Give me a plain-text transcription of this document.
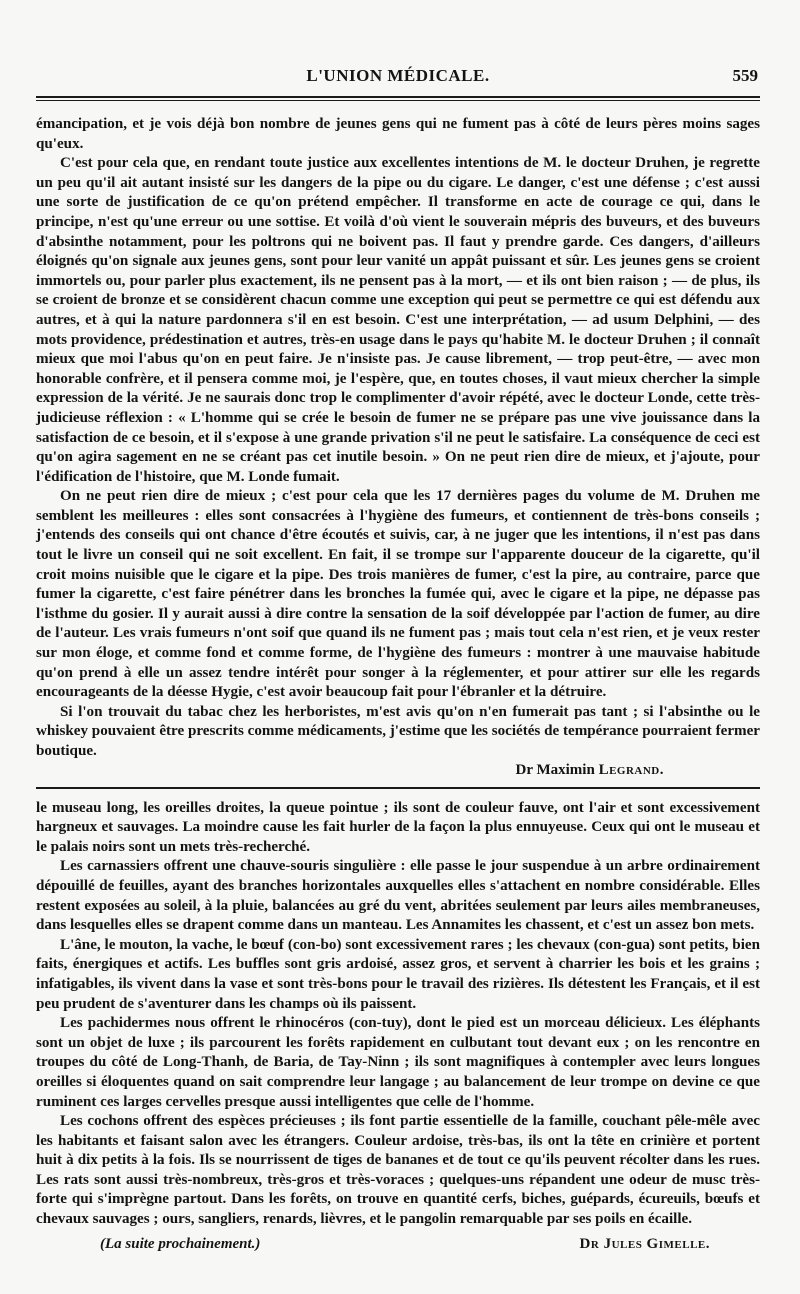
L'UNION MÉDICALE.	559

émancipation, et je vois déjà bon nombre de jeunes gens qui ne fument pas à côté de leurs pères moins sages qu'eux.

C'est pour cela que, en rendant toute justice aux excellentes intentions de M. le docteur Druhen, je regrette un peu qu'il ait autant insisté sur les dangers de la pipe ou du cigare. Le danger, c'est une défense ; c'est aussi une sorte de justification de ce qu'on prétend empêcher. Il transforme en acte de courage ce qui, dans le principe, n'est qu'une erreur ou une sottise. Et voilà d'où vient le souverain mépris des buveurs, et des buveurs d'absinthe notamment, pour les poltrons qui ne boivent pas. Il faut y prendre garde. Ces dangers, d'ailleurs éloignés qu'on signale aux jeunes gens, sont pour leur vanité un appât puissant et sûr. Les jeunes gens se croient immortels ou, pour parler plus exactement, ils ne pensent pas à la mort, — et ils ont bien raison ; — de plus, ils se croient de bronze et se considèrent chacun comme une exception qui peut se permettre ce qui est défendu aux autres, et à qui la nature pardonnera s'il en est besoin. C'est une interprétation, — ad usum Delphini, — des mots providence, prédestination et autres, très-en usage dans le pays qu'habite M. le docteur Druhen ; il connaît mieux que moi l'abus qu'on en peut faire. Je n'insiste pas. Je cause librement, — trop peut-être, — avec mon honorable confrère, et il pensera comme moi, je l'espère, que, en toutes choses, il vaut mieux chercher la simple expression de la vérité. Je ne saurais donc trop le complimenter d'avoir répété, avec le docteur Londe, cette très-judicieuse réflexion : « L'homme qui se crée le besoin de fumer ne se prépare pas une vive jouissance dans la satisfaction de ce besoin, et il s'expose à une grande privation s'il ne peut le satisfaire. La conséquence de ceci est qu'on agira sagement en ne se créant pas cet inutile besoin. » On ne peut rien dire de mieux, et j'ajoute, pour l'édification de l'histoire, que M. Londe fumait.

On ne peut rien dire de mieux ; c'est pour cela que les 17 dernières pages du volume de M. Druhen me semblent les meilleures : elles sont consacrées à l'hygiène des fumeurs, et contiennent de très-bons conseils ; j'entends des conseils qui ont chance d'être écoutés et suivis, car, à ne juger que les intentions, il n'est pas dans tout le livre un conseil qui ne soit excellent. En fait, il se trompe sur l'apparente douceur de la cigarette, qu'il croit moins nuisible que le cigare et la pipe. Des trois manières de fumer, c'est la pire, au contraire, parce que fumer la cigarette, c'est faire pénétrer dans les bronches la fumée qui, avec le cigare et la pipe, ne dépasse pas l'isthme du gosier. Il y aurait aussi à dire contre la sensation de la soif développée par l'action de fumer, au dire de l'auteur. Les vrais fumeurs n'ont soif que quand ils ne fument pas ; mais tout cela n'est rien, et je veux rester sur mon éloge, et comme fond et comme forme, de l'hygiène des fumeurs : montrer à une mauvaise habitude qu'on prend à elle un assez tendre intérêt pour songer à la réglementer, et pour attirer sur elle les regards encourageants de la déesse Hygie, c'est avoir beaucoup fait pour l'ébranler et la détruire.

Si l'on trouvait du tabac chez les herboristes, m'est avis qu'on n'en fumerait pas tant ; si l'absinthe ou le whiskey pouvaient être prescrits comme médicaments, j'estime que les sociétés de tempérance pourraient fermer boutique.

Dr Maximin Legrand.

le museau long, les oreilles droites, la queue pointue ; ils sont de couleur fauve, ont l'air et sont excessivement hargneux et sauvages. La moindre cause les fait hurler de la façon la plus ennuyeuse. Ceux qui ont le museau et le palais noirs sont un mets très-recherché.

Les carnassiers offrent une chauve-souris singulière : elle passe le jour suspendue à un arbre ordinairement dépouillé de feuilles, ayant des branches horizontales auxquelles elles s'attachent en nombre considérable. Elles restent exposées au soleil, à la pluie, balancées au gré du vent, abritées seulement par leurs ailes membraneuses, dans lesquelles elles se drapent comme dans un manteau. Les Annamites les chassent, et c'est un assez bon mets.

L'âne, le mouton, la vache, le bœuf (con-bo) sont excessivement rares ; les chevaux (con-gua) sont petits, bien faits, énergiques et actifs. Les buffles sont gris ardoisé, assez gros, et servent à charrier les bois et les grains ; infatigables, ils vivent dans la vase et sont très-bons pour le travail des rizières. Ils détestent les Français, et il est peu prudent de s'aventurer dans les champs où ils paissent.

Les pachidermes nous offrent le rhinocéros (con-tuy), dont le pied est un morceau délicieux. Les éléphants sont un objet de luxe ; ils parcourent les forêts rapidement en culbutant tout devant eux ; on les rencontre en troupes du côté de Long-Thanh, de Baria, de Tay-Ninn ; ils sont magnifiques à contempler avec leurs longues oreilles si éloquentes quand on sait comprendre leur langage ; au balancement de leur trompe on devine ce que ruminent ces larges cervelles presque aussi intelligentes que celle de l'homme.

Les cochons offrent des espèces précieuses ; ils font partie essentielle de la famille, couchant pêle-mêle avec les habitants et faisant salon avec les étrangers. Couleur ardoise, très-bas, ils ont la tête en crinière et portent huit à dix petits à la fois. Ils se nourrissent de tiges de bananes et de tout ce qu'ils peuvent récolter dans les rues. Les rats sont aussi très-nombreux, très-gros et très-voraces ; quelques-uns répandent une odeur de musc très-forte qui s'imprègne partout. Dans les forêts, on trouve en quantité cerfs, biches, guépards, écureuils, bœufs et chevaux sauvages ; ours, sangliers, renards, lièvres, et le pangolin remarquable par ses poils en écaille.

(La suite prochainement.)	Dr Jules Gimelle.
